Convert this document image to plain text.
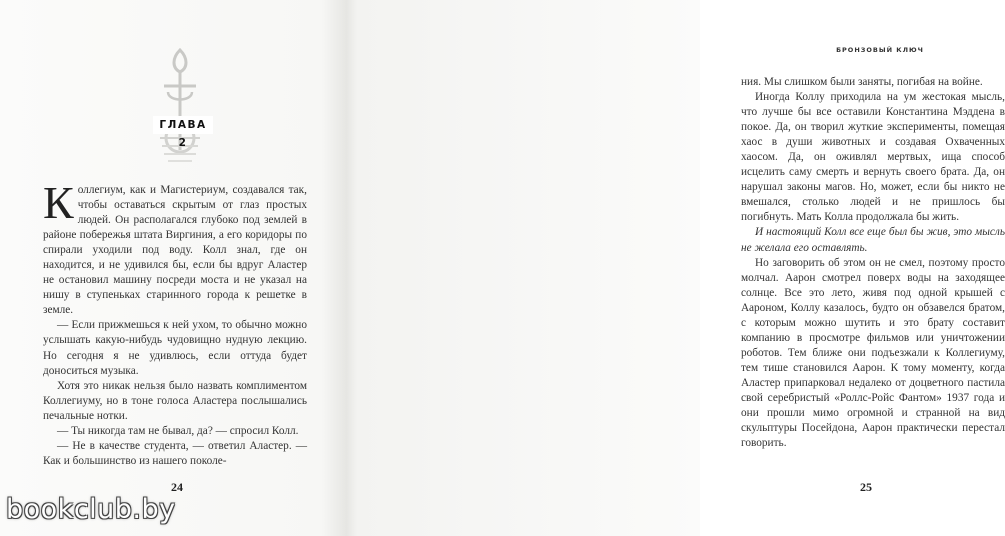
ГЛАВА 2

Коллегиум, как и Магистериум, создавался так, чтобы оставаться скрытым от глаз простых людей. Он располагался глубоко под землей в районе побережья штата Виргиния, а его коридоры по спирали уходили под воду. Колл знал, где он находится, и не удивился бы, если бы вдруг Аластер не остановил машину посреди моста и не указал на нишу в ступеньках старинного города к решетке в земле.

— Если прижмешься к ней ухом, то обычно можно услышать какую-нибудь чудовищно нудную лекцию. Но сегодня я не удивлюсь, если оттуда будет доноситься музыка.

Хотя это никак нельзя было назвать комплиментом Коллегиуму, но в тоне голоса Аластера послышались печальные нотки.

— Ты никогда там не бывал, да? — спросил Колл.

— Не в качестве студента, — ответил Аластер. — Как и большинство из нашего поколе-

24
БРОНЗОВЫЙ КЛЮЧ

ния. Мы слишком были заняты, погибая на войне.

Иногда Коллу приходила на ум жестокая мысль, что лучше бы все оставили Константина Мэддена в покое. Да, он творил жуткие эксперименты, помещая хаос в души животных и создавая Охваченных хаосом. Да, он оживлял мертвых, ища способ исцелить саму смерть и вернуть своего брата. Да, он нарушал законы магов. Но, может, если бы никто не вмешался, столько людей и не пришлось бы погибнуть. Мать Колла продолжала бы жить.

И настоящий Колл все еще был бы жив, это мысль не желала его оставлять.

Но заговорить об этом он не смел, поэтому просто молчал. Аарон смотрел поверх воды на заходящее солнце. Все это лето, живя под одной крышей с Аароном, Коллу казалось, будто он обзавелся братом, с которым можно шутить и это брату составит компанию в просмотре фильмов или уничтожении роботов. Тем ближе они подъезжали к Коллегиуму, тем тише становился Аарон. К тому моменту, когда Аластер припарковал недалеко от доцветного пастила свой серебристый «Роллс-Ройс Фантом» 1937 года и они прошли мимо огромной и странной на вид скульптуры Посейдона, Аарон практически перестал говорить.

25
bookclub.by
